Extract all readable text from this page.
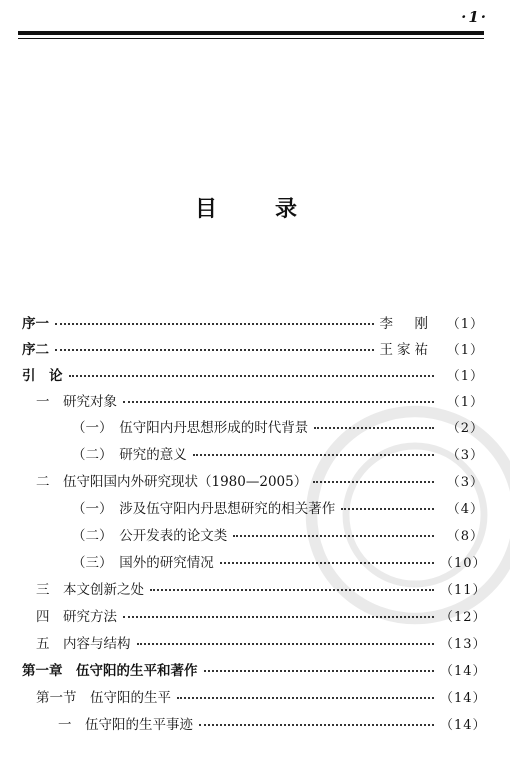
·1·
目　录
序一	李　刚	（1）
序二	王家祐	（1）
引　论	（1）
一　研究对象	（1）
（一）　伍守阳内丹思想形成的时代背景	（2）
（二）　研究的意义	（3）
二　伍守阳国内外研究现状（1980—2005）	（3）
（一）　涉及伍守阳内丹思想研究的相关著作	（4）
（二）　公开发表的论文类	（8）
（三）　国外的研究情况	（10）
三　本文创新之处	（11）
四　研究方法	（12）
五　内容与结构	（13）
第一章　伍守阳的生平和著作	（14）
第一节　伍守阳的生平	（14）
一　伍守阳的生平事迹	（14）
